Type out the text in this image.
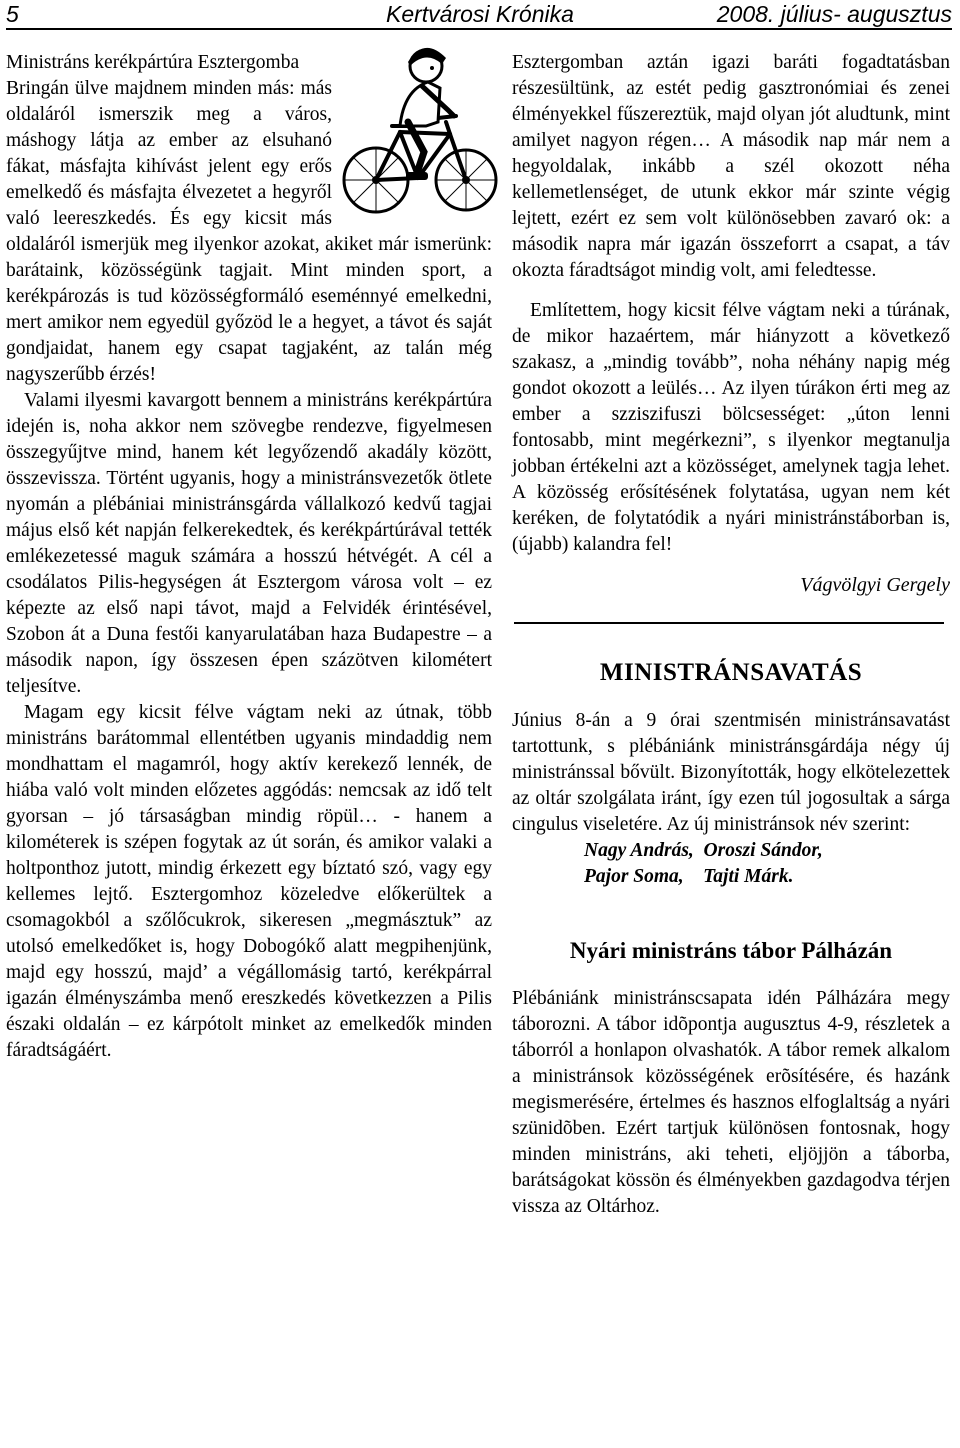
5	Kertvárosi Krónika	2008. július- augusztus
Ministráns kerékpártúra Esztergomba

Bringán ülve majdnem minden más: más oldaláról ismerszik meg a város, máshogy látja az ember az elsuhanó fákat, másfajta kihívást jelent egy erős emelkedő és másfajta élvezetet a hegyről való leereszkedés. És egy kicsit más oldaláról ismerjük meg ilyenkor azokat, akiket már ismerünk: barátaink, közösségünk tagjait. Mint minden sport, a kerékpározás is tud közösségformáló eseménnyé emelkedni, mert amikor nem egyedül győzöd le a hegyet, a távot és saját gondjaidat, hanem egy csapat tagjaként, az talán még nagyszerűbb érzés!

Valami ilyesmi kavargott bennem a ministráns kerékpártúra idején is, noha akkor nem szövegbe rendezve, figyelmesen összegyűjtve mind, hanem két legyőzendő akadály között, összevissza. Történt ugyanis, hogy a ministránsvezetők ötlete nyomán a plébániai ministránsgárda vállalkozó kedvű tagjai május első két napján felkerekedtek, és kerékpártúrával tették emlékezetessé maguk számára a hosszú hétvégét. A cél a csodálatos Pilis-hegységen át Esztergom városa volt – ez képezte az első napi távot, majd a Felvidék érintésével, Szobon át a Duna festői kanyarulatában haza Budapestre – a második napon, így összesen épen százötven kilométert teljesítve.

Magam egy kicsit félve vágtam neki az útnak, több ministráns barátommal ellentétben ugyanis mindaddig nem mondhattam el magamról, hogy aktív kerekező lennék, de hiába való volt minden előzetes aggódás: nemcsak az idő telt gyorsan – jó társaságban mindig röpül… - hanem a kilométerek is szépen fogytak az út során, és amikor valaki a holtponthoz jutott, mindig érkezett egy bíztató szó, vagy egy kellemes lejtő. Esztergomhoz közeledve előkerültek a csomagokból a szőlőcukrok, sikeresen „megmásztuk” az utolsó emelkedőket is, hogy Dobogókő alatt megpihenjünk, majd egy hosszú, majd’ a végállomásig tartó, kerékpárral igazán élményszámba menő ereszkedés következzen a Pilis északi oldalán – ez kárpótolt minket az emelkedők minden fáradtságáért.

Esztergomban aztán igazi baráti fogadtatásban részesültünk, az estét pedig gasztronómiai és zenei élményekkel fűszereztük, majd olyan jót aludtunk, mint amilyet nagyon régen… A második nap már nem a hegyoldalak, inkább a szél okozott néha kellemetlenséget, de utunk ekkor már szinte végig lejtett, ezért ez sem volt különösebben zavaró ok: a második napra már igazán összeforrt a csapat, a táv okozta fáradtságot mindig volt, ami feledtesse.

Említettem, hogy kicsit félve vágtam neki a túrának, de mikor hazaértem, már hiányzott a következő szakasz, a „mindig tovább”, noha néhány napig még gondot okozott a leülés… Az ilyen túrákon érti meg az ember a szziszifuszi bölcsességet: „úton lenni fontosabb, mint megérkezni”, s ilyenkor megtanulja jobban értékelni azt a közösséget, amelynek tagja lehet. A közösség erősítésének folytatása, ugyan nem két keréken, de folytatódik a nyári ministránstáborban is, (újabb) kalandra fel!

Vágvölgyi Gergely

MINISTRÁNSAVATÁS

Június 8-án a 9 órai szentmisén ministránsavatást tartottunk, s plébániánk ministránsgárdája négy új ministránssal bővült. Bizonyították, hogy elkötelezettek az oltár szolgálata iránt, így ezen túl jogosultak a sárga cingulus viseletére. Az új ministránsok név szerint:

Nagy András,  Oroszi Sándor,
Pajor Soma,    Tajti Márk.
Nyári ministráns tábor Pálházán

Plébániánk ministránscsapata idén Pálházára megy táborozni. A tábor idõpontja augusztus 4-9, részletek a táborról a honlapon olvashatók. A tábor remek alkalom a ministránsok közösségének erõsítésére, és hazánk megismerésére, értelmes és hasznos elfoglaltság a nyári szünidõben. Ezért tartjuk különösen fontosnak, hogy minden ministráns, aki teheti, eljöjjön a táborba, barátságokat kössön és élményekben gazdagodva térjen vissza az Oltárhoz.
